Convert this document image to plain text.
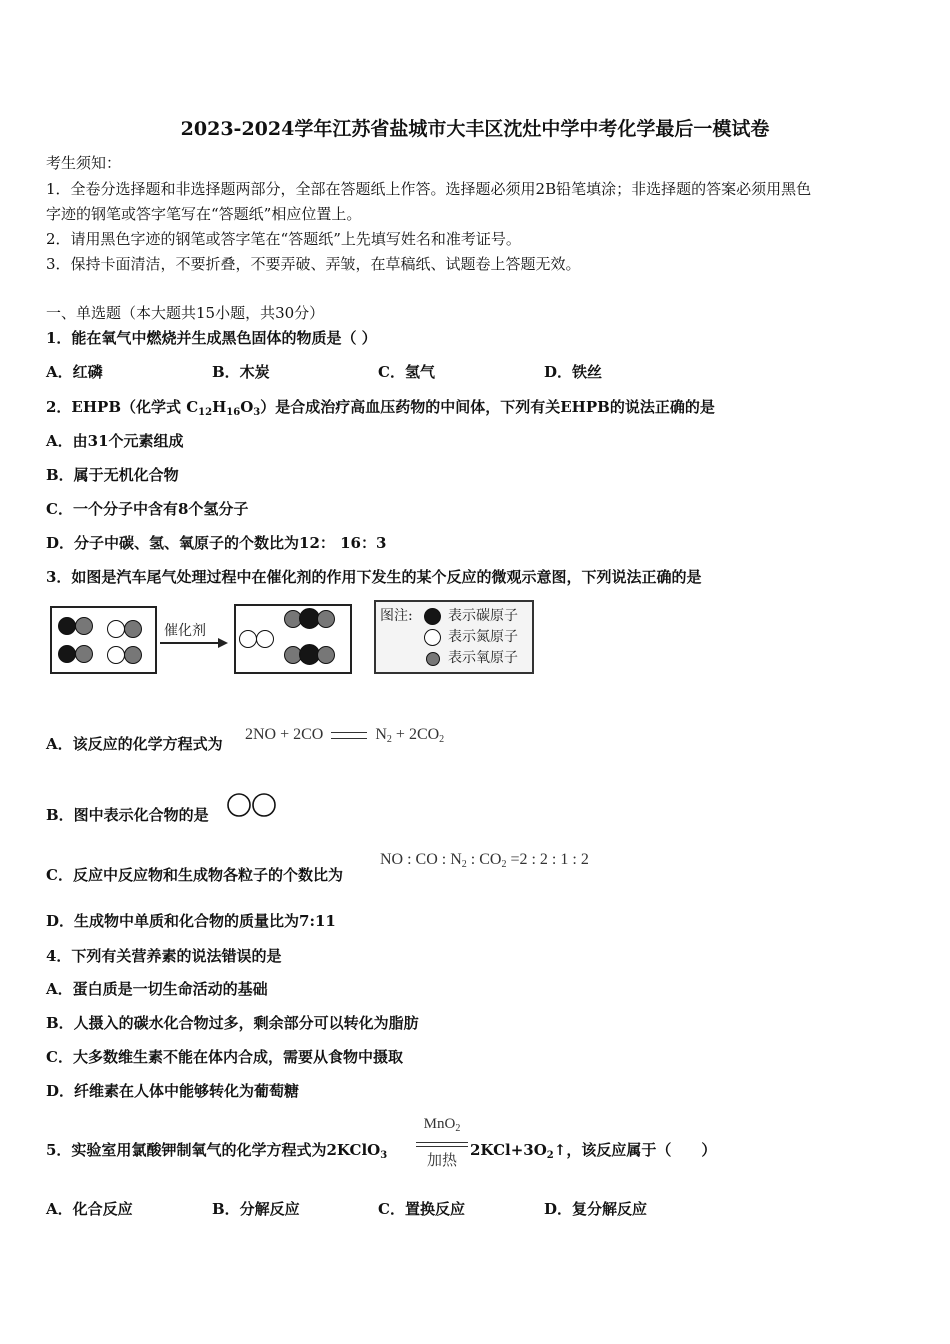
2023-2024学年江苏省盐城市大丰区沈灶中学中考化学最后一模试卷
考生须知：
1．全卷分选择题和非选择题两部分，全部在答题纸上作答。选择题必须用2B铅笔填涂；非选择题的答案必须用黑色
字迹的钢笔或答字笔写在“答题纸”相应位置上。
2．请用黑色字迹的钢笔或答字笔在“答题纸”上先填写姓名和准考证号。
3．保持卡面清洁，不要折叠，不要弄破、弄皱，在草稿纸、试题卷上答题无效。
一、单选题（本大题共15小题，共30分）
1．能在氧气中燃烧并生成黑色固体的物质是（ ）
A．红磷	B．木炭	C．氢气	D．铁丝
2．EHPB（化学式 $C_{12}H_{16}O_3$）是合成治疗高血压药物的中间体，下列有关EHPB的说法正确的是
A．由31个元素组成
B．属于无机化合物
C．一个分子中含有8个氢分子
D．分子中碳、氢、氧原子的个数比为12： 16：3
3．如图是汽车尾气处理过程中在催化剂的作用下发生的某个反应的微观示意图，下列说法正确的是
催化剂
图注:	表示碳原子
表示氮原子
表示氧原子
A．该反应的化学方程式为
2NO + 2CO	$N_2 + 2CO_2$
B．图中表示化合物的是
C．反应中反应物和生成物各粒子的个数比为
NO : CO : $N_2$ : $CO_2 =2$ : 2 : 1 : 2
D．生成物中单质和化合物的质量比为7:11
4．下列有关营养素的说法错误的是
A．蛋白质是一切生命活动的基础
B．人摄入的碳水化合物过多，剩余部分可以转化为脂肪
C．大多数维生素不能在体内合成，需要从食物中摄取
D．纤维素在人体中能够转化为葡萄糖
5．实验室用氯酸钾制氧气的化学方程式为2KClO$_3$
MnO$_2$
加热
$2KCl+3O_2↑$，该反应属于（　　）
A．化合反应	B．分解反应	C．置换反应	D．复分解反应
